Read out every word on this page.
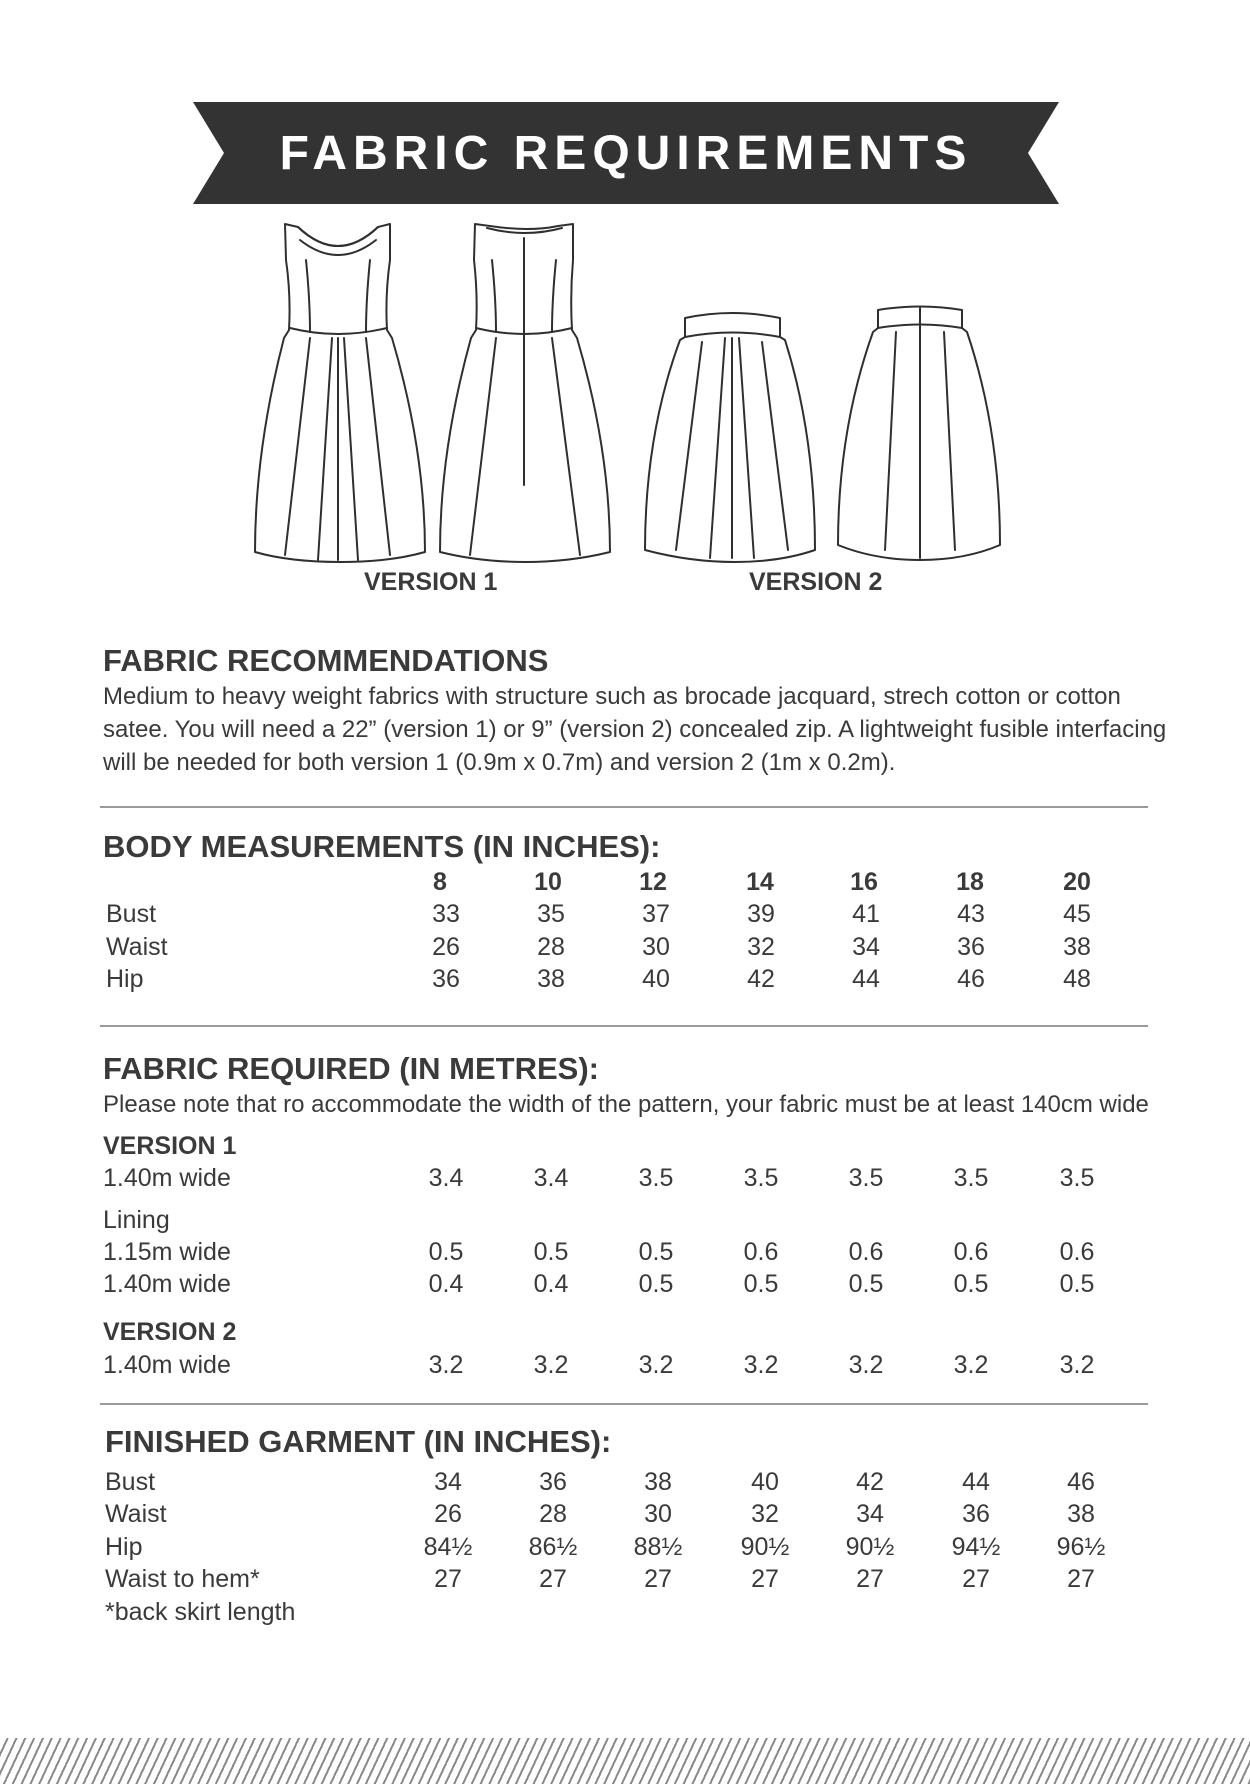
FABRIC REQUIREMENTS
VERSION 1	VERSION 2
FABRIC RECOMMENDATIONS
Medium to heavy weight fabrics with structure such as brocade jacquard, strech cotton or cotton
satee. You will need a 22” (version 1) or 9” (version 2) concealed zip. A lightweight fusible interfacing
will be needed for both version 1 (0.9m x 0.7m) and version 2 (1m x 0.2m).
BODY MEASUREMENTS (IN INCHES):
8	10	12	14	16	18	20
Bust	33	35	37	39	41	43	45
Waist	26	28	30	32	34	36	38
Hip	36	38	40	42	44	46	48
FABRIC REQUIRED (IN METRES):
Please note that ro accommodate the width of the pattern, your fabric must be at least 140cm wide
VERSION 1
1.40m wide	3.4	3.4	3.5	3.5	3.5	3.5	3.5
Lining
1.15m wide	0.5	0.5	0.5	0.6	0.6	0.6	0.6
1.40m wide	0.4	0.4	0.5	0.5	0.5	0.5	0.5
VERSION 2
1.40m wide	3.2	3.2	3.2	3.2	3.2	3.2	3.2
FINISHED GARMENT (IN INCHES):
Bust	34	36	38	40	42	44	46
Waist	26	28	30	32	34	36	38
Hip	84½ 86½ 88½ 90½ 90½ 94½ 96½
Waist to hem*	27	27	27	27	27	27	27
*back skirt length
